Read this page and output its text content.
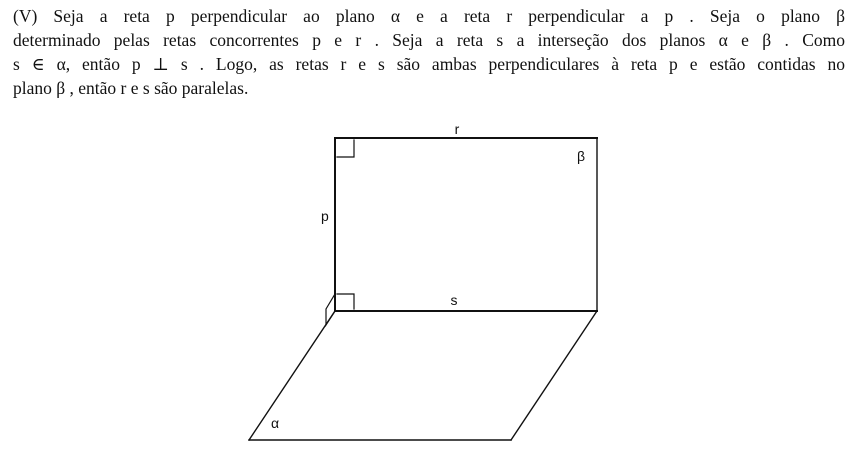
(V) Seja a reta p perpendicular ao plano α e a reta r perpendicular a p . Seja o plano β
determinado pelas retas concorrentes p e r . Seja a reta s a interseção dos planos α e β . Como
s ∈ α, então p ⊥ s . Logo, as retas r e s são ambas perpendiculares à reta p e estão contidas no
plano β , então r e s são paralelas.
r
β
p
s
α
